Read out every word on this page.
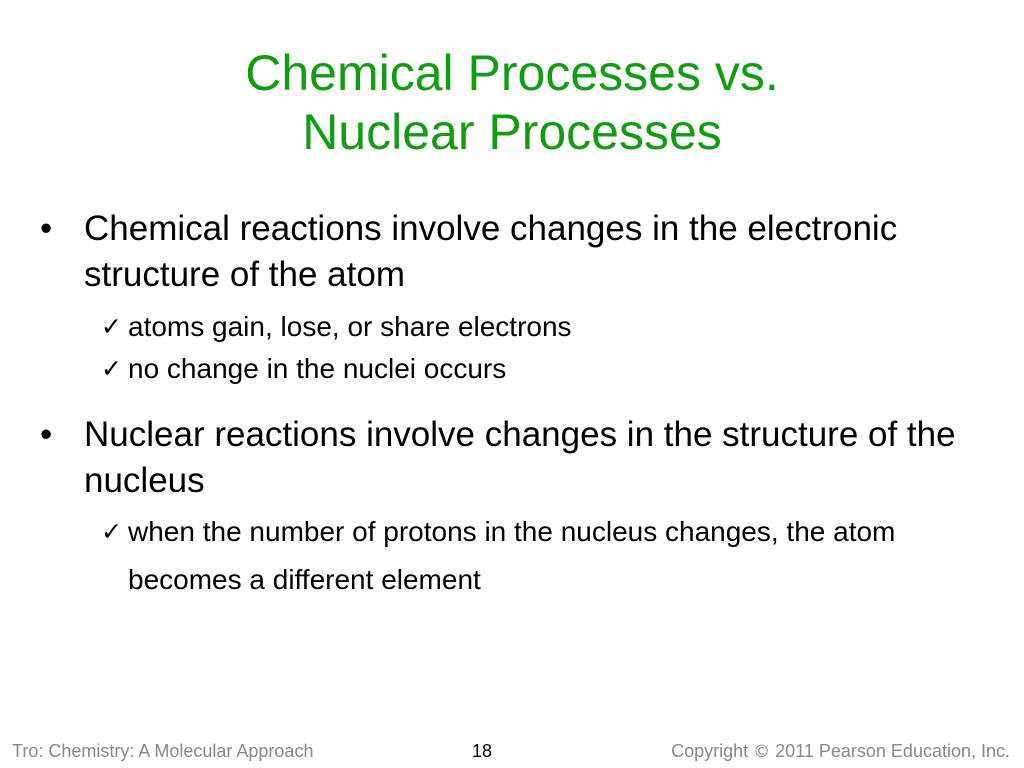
Chemical Processes vs.
Nuclear Processes
• Chemical reactions involve changes in the electronic structure of the atom
✓ atoms gain, lose, or share electrons
✓ no change in the nuclei occurs
• Nuclear reactions involve changes in the structure of the nucleus
✓ when the number of protons in the nucleus changes, the atom becomes a different element
Tro: Chemistry: A Molecular Approach	18	Copyright © 2011 Pearson Education, Inc.
